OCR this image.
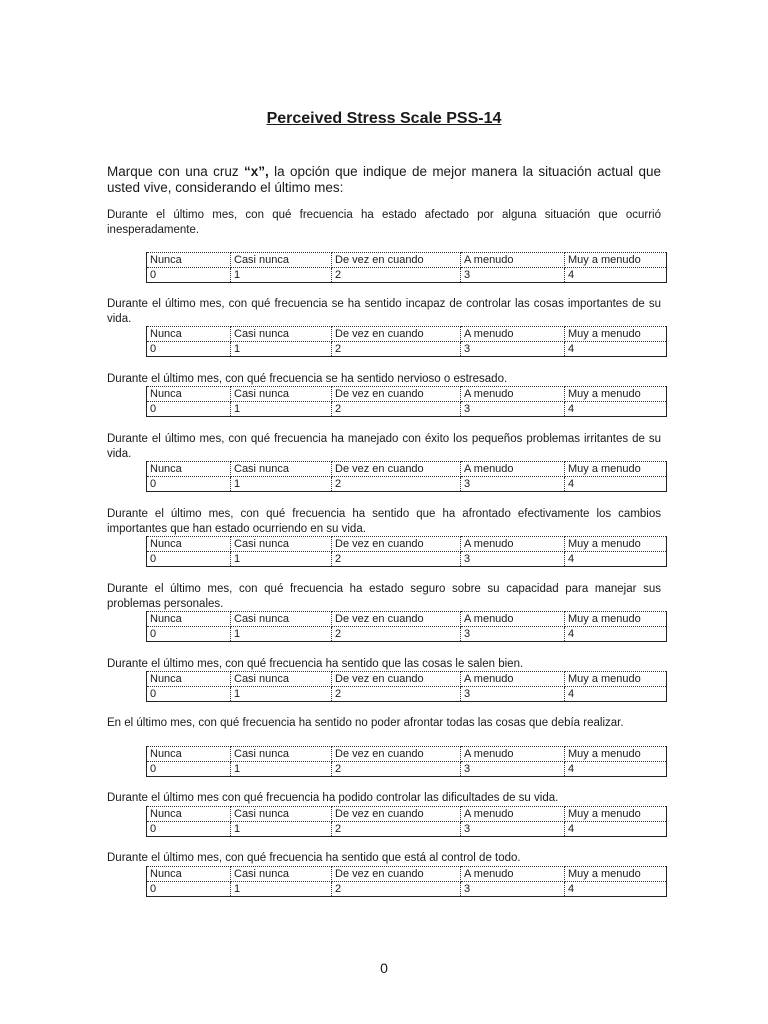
Perceived Stress Scale PSS-14
Marque con una cruz “x”, la opción que indique de mejor manera la situación actual que usted vive, considerando el último mes:
Durante el último mes, con qué frecuencia ha estado afectado por alguna situación que ocurrió inesperadamente.
Nunca	Casi nunca	De vez en cuando	A menudo	Muy a menudo
0	1	2	3	4
Durante el último mes, con qué frecuencia se ha sentido incapaz de controlar las cosas importantes de su vida.
Nunca	Casi nunca	De vez en cuando	A menudo	Muy a menudo
0	1	2	3	4
Durante el último mes, con qué frecuencia se ha sentido nervioso o estresado.
Nunca	Casi nunca	De vez en cuando	A menudo	Muy a menudo
0	1	2	3	4
Durante el último mes, con qué frecuencia ha manejado con éxito los pequeños problemas irritantes de su vida.
Nunca	Casi nunca	De vez en cuando	A menudo	Muy a menudo
0	1	2	3	4
Durante el último mes, con qué frecuencia ha sentido que ha afrontado efectivamente los cambios importantes que han estado ocurriendo en su vida.
Nunca	Casi nunca	De vez en cuando	A menudo	Muy a menudo
0	1	2	3	4
Durante el último mes, con qué frecuencia ha estado seguro sobre su capacidad para manejar sus problemas personales.
Nunca	Casi nunca	De vez en cuando	A menudo	Muy a menudo
0	1	2	3	4
Durante el último mes, con qué frecuencia ha sentido que las cosas le salen bien.
Nunca	Casi nunca	De vez en cuando	A menudo	Muy a menudo
0	1	2	3	4
En el último mes, con qué frecuencia ha sentido no poder afrontar todas las cosas que debía realizar.
Nunca	Casi nunca	De vez en cuando	A menudo	Muy a menudo
0	1	2	3	4
Durante el último mes con qué frecuencia ha podido controlar las dificultades de su vida.
Nunca	Casi nunca	De vez en cuando	A menudo	Muy a menudo
0	1	2	3	4
Durante el último mes, con qué frecuencia ha sentido que está al control de todo.
Nunca	Casi nunca	De vez en cuando	A menudo	Muy a menudo
0	1	2	3	4
0
